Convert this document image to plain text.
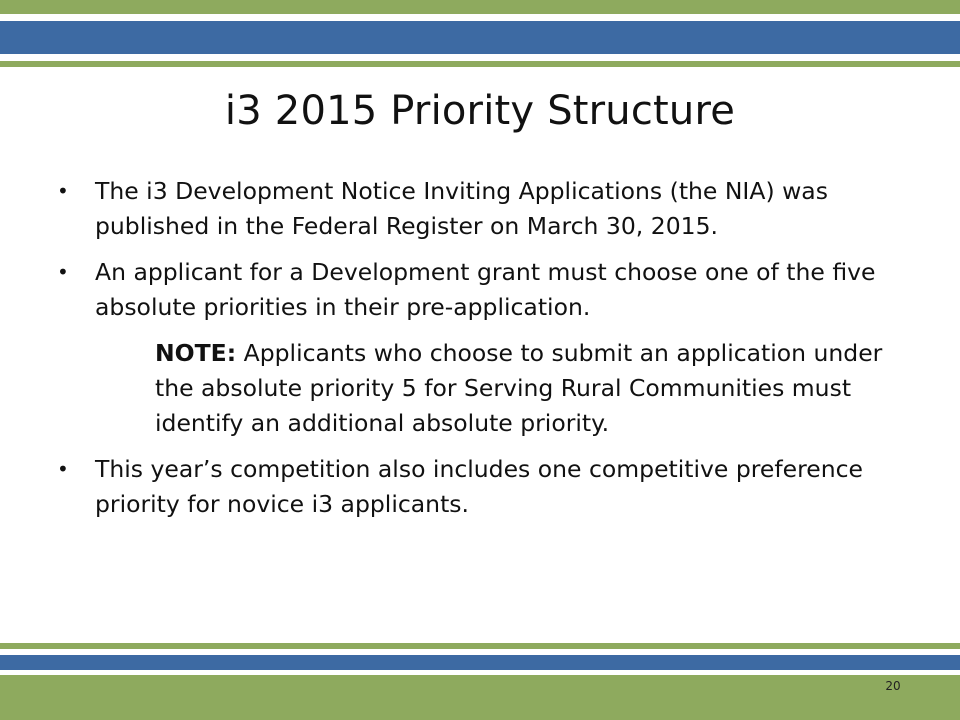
i3 2015 Priority Structure
• The i3 Development Notice Inviting Applications (the NIA) was published in the Federal Register on March 30, 2015.
• An applicant for a Development grant must choose one of the five absolute priorities in their pre-application.
NOTE: Applicants who choose to submit an application under the absolute priority 5 for Serving Rural Communities must identify an additional absolute priority.
• This year’s competition also includes one competitive preference priority for novice i3 applicants.
20
